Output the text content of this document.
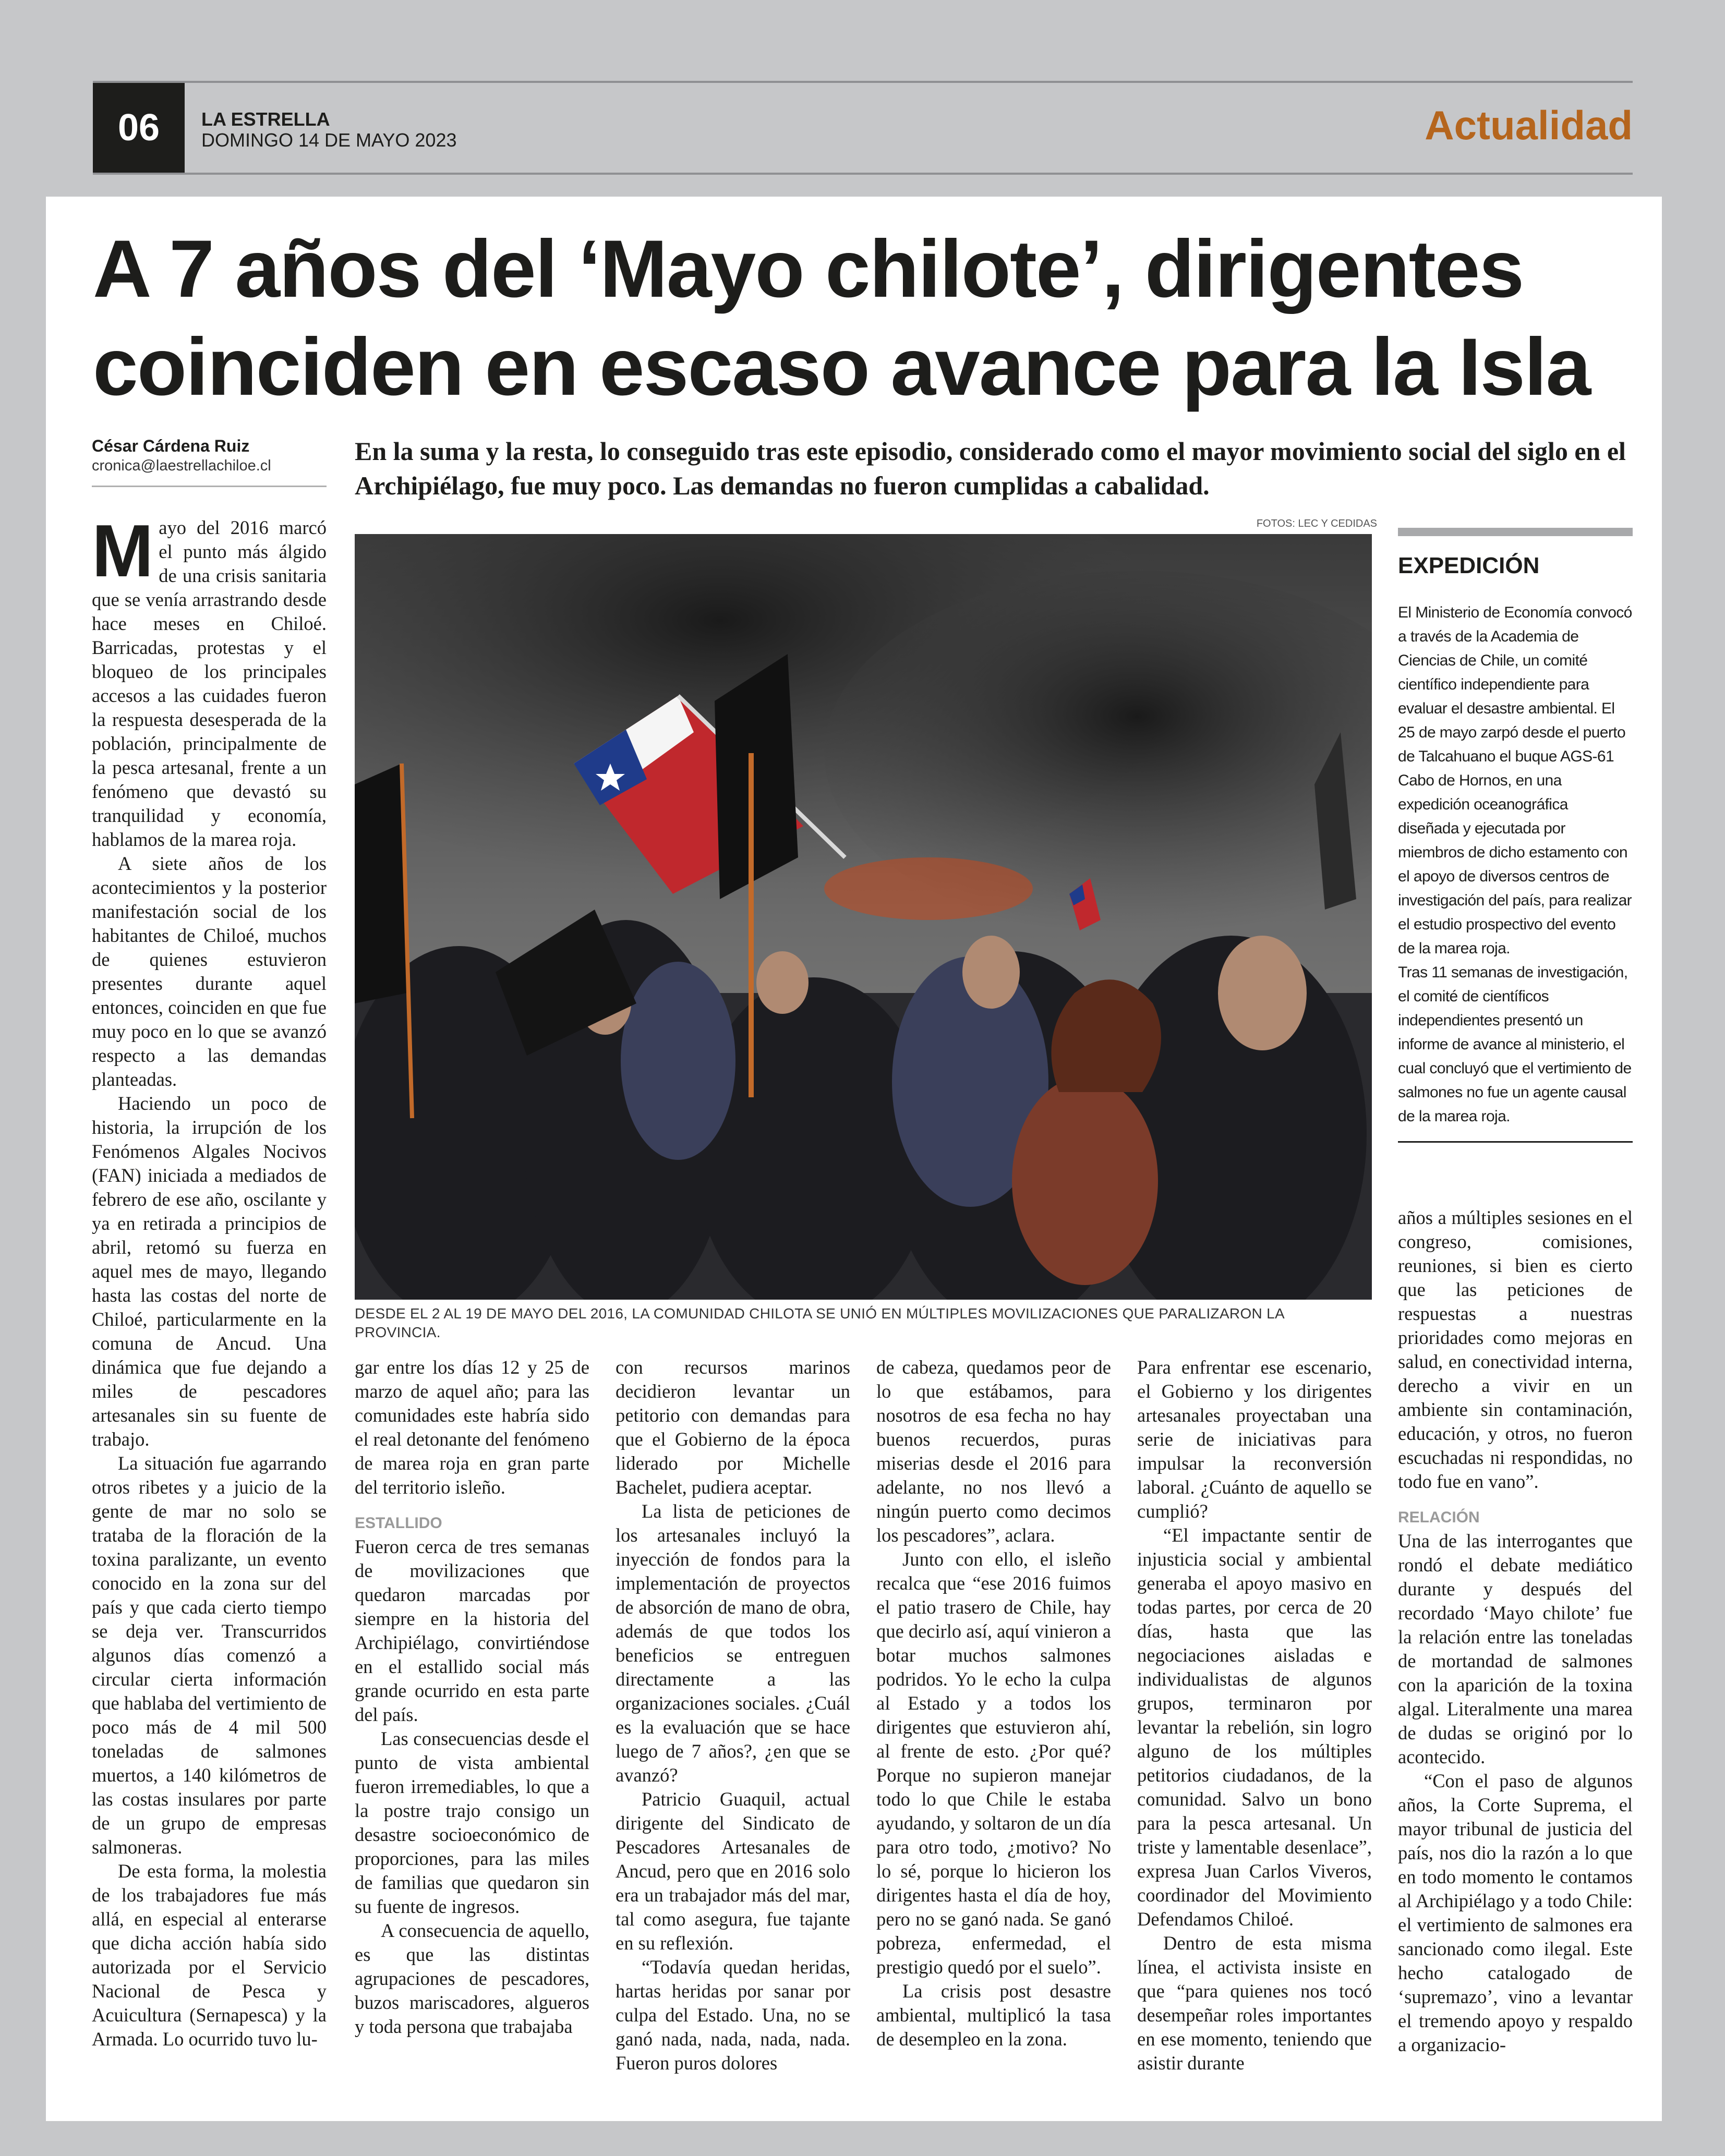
06	LA ESTRELLA
DOMINGO 14 DE MAYO 2023	Actualidad
A 7 años del ‘Mayo chilote’, dirigentes coinciden en escaso avance para la Isla
César Cárdena Ruiz
cronica@laestrellachiloe.cl	En la suma y la resta, lo conseguido tras este episodio, considerado como el mayor movimiento social del siglo en el Archipiélago, fue muy poco. Las demandas no fueron cumplidas a cabalidad.

FOTOS: LEC Y CEDIDAS

DESDE EL 2 AL 19 DE MAYO DEL 2016, LA COMUNIDAD CHILOTA SE UNIÓ EN MÚLTIPLES MOVILIZACIONES QUE PARALIZARON LA PROVINCIA.

Mayo del 2016 marcó el punto más álgido de una crisis sanitaria que se venía arrastrando desde hace meses en Chiloé. Barricadas, protestas y el bloqueo de los principales accesos a las cuidades fueron la respuesta desesperada de la población, principalmente de la pesca artesanal, frente a un fenómeno que devastó su tranquilidad y economía, hablamos de la marea roja.

A siete años de los acontecimientos y la posterior manifestación social de los habitantes de Chiloé, muchos de quienes estuvieron presentes durante aquel entonces, coinciden en que fue muy poco en lo que se avanzó respecto a las demandas planteadas.

Haciendo un poco de historia, la irrupción de los Fenómenos Algales Nocivos (FAN) iniciada a mediados de febrero de ese año, oscilante y ya en retirada a principios de abril, retomó su fuerza en aquel mes de mayo, llegando hasta las costas del norte de Chiloé, particularmente en la comuna de Ancud. Una dinámica que fue dejando a miles de pescadores artesanales sin su fuente de trabajo.

La situación fue agarrando otros ribetes y a juicio de la gente de mar no solo se trataba de la floración de la toxina paralizante, un evento conocido en la zona sur del país y que cada cierto tiempo se deja ver. Transcurridos algunos días comenzó a circular cierta información que hablaba del vertimiento de poco más de 4 mil 500 toneladas de salmones muertos, a 140 kilómetros de las costas insulares por parte de un grupo de empresas salmoneras.

De esta forma, la molestia de los trabajadores fue más allá, en especial al enterarse que dicha acción había sido autorizada por el Servicio Nacional de Pesca y Acuicultura (Sernapesca) y la Armada. Lo ocurrido tuvo lu-

gar entre los días 12 y 25 de marzo de aquel año; para las comunidades este habría sido el real detonante del fenómeno de marea roja en gran parte del territorio isleño.

ESTALLIDO

Fueron cerca de tres semanas de movilizaciones que quedaron marcadas por siempre en la historia del Archipiélago, convirtiéndose en el estallido social más grande ocurrido en esta parte del país.

Las consecuencias desde el punto de vista ambiental fueron irremediables, lo que a la postre trajo consigo un desastre socioeconómico de proporciones, para las miles de familias que quedaron sin su fuente de ingresos.

A consecuencia de aquello, es que las distintas agrupaciones de pescadores, buzos mariscadores, algueros y toda persona que trabajaba

con recursos marinos decidieron levantar un petitorio con demandas para que el Gobierno de la época liderado por Michelle Bachelet, pudiera aceptar.

La lista de peticiones de los artesanales incluyó la inyección de fondos para la implementación de proyectos de absorción de mano de obra, además de que todos los beneficios se entreguen directamente a las organizaciones sociales. ¿Cuál es la evaluación que se hace luego de 7 años?, ¿en que se avanzó?

Patricio Guaquil, actual dirigente del Sindicato de Pescadores Artesanales de Ancud, pero que en 2016 solo era un trabajador más del mar, tal como asegura, fue tajante en su reflexión.

“Todavía quedan heridas, hartas heridas por sanar por culpa del Estado. Una, no se ganó nada, nada, nada, nada. Fueron puros dolores

de cabeza, quedamos peor de lo que estábamos, para nosotros de esa fecha no hay buenos recuerdos, puras miserias desde el 2016 para adelante, no nos llevó a ningún puerto como decimos los pescadores”, aclara.

Junto con ello, el isleño recalca que “ese 2016 fuimos el patio trasero de Chile, hay que decirlo así, aquí vinieron a botar muchos salmones podridos. Yo le echo la culpa al Estado y a todos los dirigentes que estuvieron ahí, al frente de esto. ¿Por qué? Porque no supieron manejar todo lo que Chile le estaba ayudando, y soltaron de un día para otro todo, ¿motivo? No lo sé, porque lo hicieron los dirigentes hasta el día de hoy, pero no se ganó nada. Se ganó pobreza, enfermedad, el prestigio quedó por el suelo”.

La crisis post desastre ambiental, multiplicó la tasa de desempleo en la zona.

Para enfrentar ese escenario, el Gobierno y los dirigentes artesanales proyectaban una serie de iniciativas para impulsar la reconversión laboral. ¿Cuánto de aquello se cumplió?

“El impactante sentir de injusticia social y ambiental generaba el apoyo masivo en todas partes, por cerca de 20 días, hasta que las negociaciones aisladas e individualistas de algunos grupos, terminaron por levantar la rebelión, sin logro alguno de los múltiples petitorios ciudadanos, de la comunidad. Salvo un bono para la pesca artesanal. Un triste y lamentable desenlace”, expresa Juan Carlos Viveros, coordinador del Movimiento Defendamos Chiloé.

Dentro de esta misma línea, el activista insiste en que “para quienes nos tocó desempeñar roles importantes en ese momento, teniendo que asistir durante

años a múltiples sesiones en el congreso, comisiones, reuniones, si bien es cierto que las peticiones de respuestas a nuestras prioridades como mejoras en salud, en conectividad interna, derecho a vivir en un ambiente sin contaminación, educación, y otros, no fueron escuchadas ni respondidas, no todo fue en vano”.

RELACIÓN

Una de las interrogantes que rondó el debate mediático durante y después del recordado ‘Mayo chilote’ fue la relación entre las toneladas de mortandad de salmones con la aparición de la toxina algal. Literalmente una marea de dudas se originó por lo acontecido.

“Con el paso de algunos años, la Corte Suprema, el mayor tribunal de justicia del país, nos dio la razón a lo que en todo momento le contamos al Archipiélago y a todo Chile: el vertimiento de salmones era sancionado como ilegal. Este hecho catalogado de ‘supremazo’, vino a levantar el tremendo apoyo y respaldo a organizacio-

EXPEDICIÓN

El Ministerio de Economía convocó a través de la Academia de Ciencias de Chile, un comité científico independiente para evaluar el desastre ambiental. El 25 de mayo zarpó desde el puerto de Talcahuano el buque AGS-61 Cabo de Hornos, en una expedición oceanográfica diseñada y ejecutada por miembros de dicho estamento con el apoyo de diversos centros de investigación del país, para realizar el estudio prospectivo del evento de la marea roja.

Tras 11 semanas de investigación, el comité de científicos independientes presentó un informe de avance al ministerio, el cual concluyó que el vertimiento de salmones no fue un agente causal de la marea roja.
